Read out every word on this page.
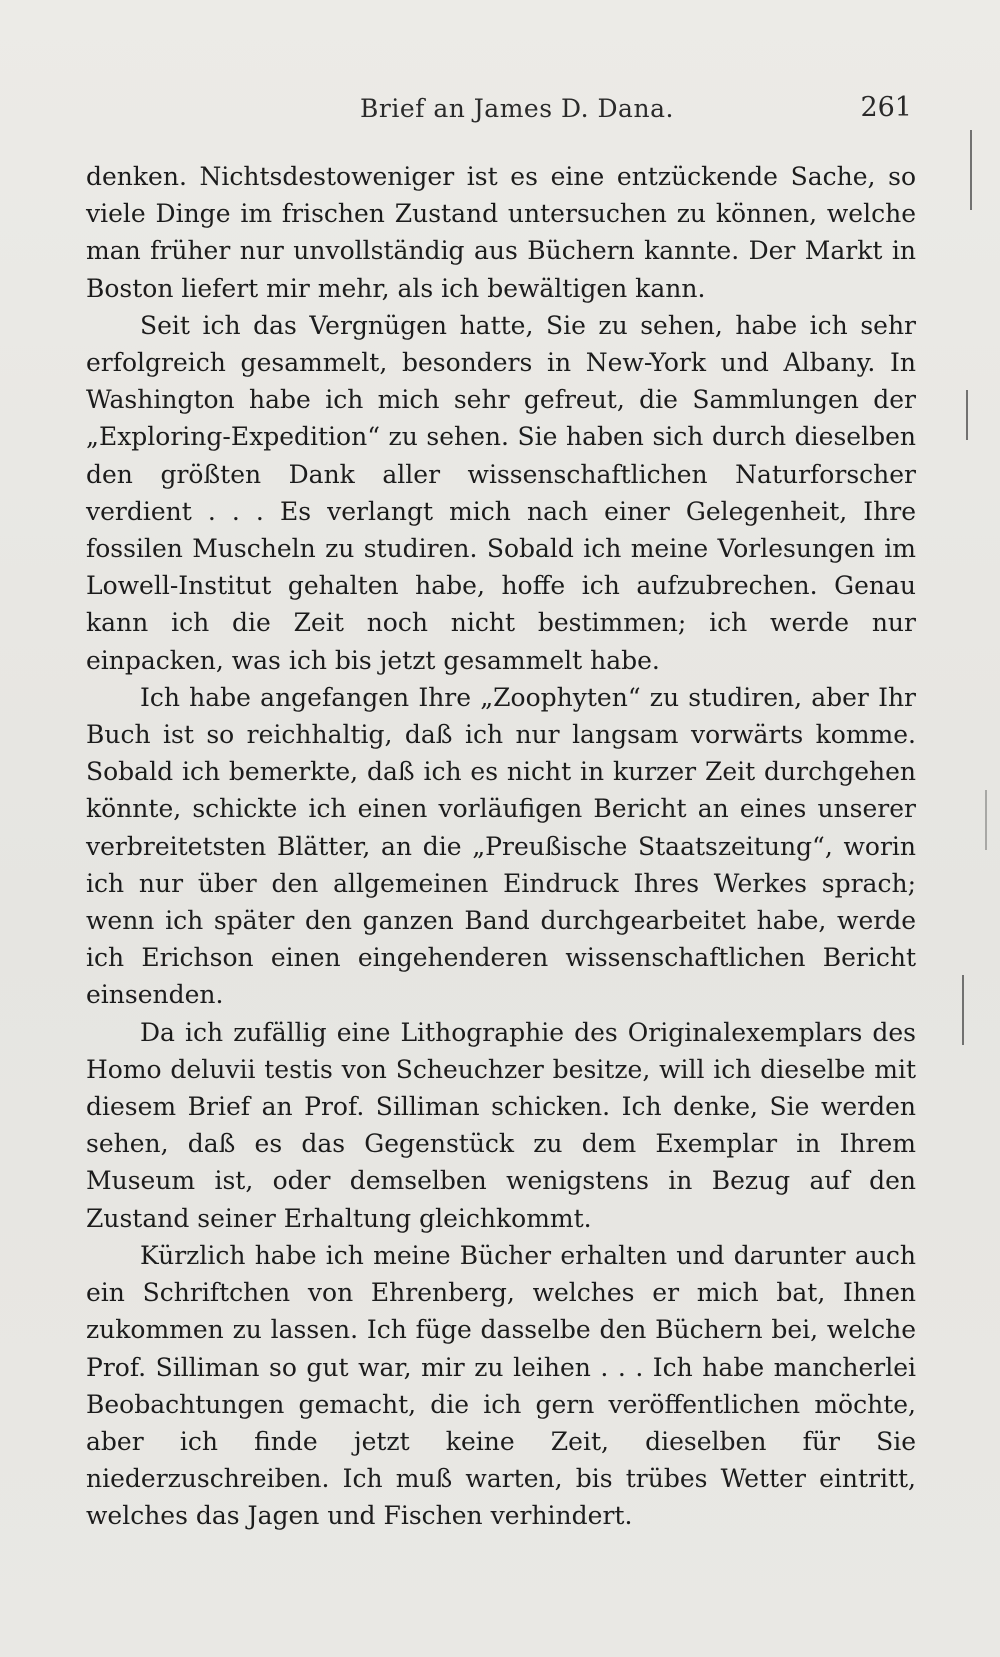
Brief an James D. Dana.	261

denken. Nichtsdestoweniger ist es eine entzückende Sache, so viele Dinge im frischen Zustand untersuchen zu können, welche man früher nur unvollständig aus Büchern kannte. Der Markt in Boston liefert mir mehr, als ich bewältigen kann.

Seit ich das Vergnügen hatte, Sie zu sehen, habe ich sehr erfolgreich gesammelt, besonders in New-York und Albany. In Washington habe ich mich sehr gefreut, die Sammlungen der „Exploring-Expedition“ zu sehen. Sie haben sich durch dieselben den größten Dank aller wissenschaftlichen Naturforscher verdient . . . Es verlangt mich nach einer Gelegenheit, Ihre fossilen Muscheln zu studiren. Sobald ich meine Vorlesungen im Lowell-Institut gehalten habe, hoffe ich aufzubrechen. Genau kann ich die Zeit noch nicht bestimmen; ich werde nur einpacken, was ich bis jetzt gesammelt habe.

Ich habe angefangen Ihre „Zoophyten“ zu studiren, aber Ihr Buch ist so reichhaltig, daß ich nur langsam vorwärts komme. Sobald ich bemerkte, daß ich es nicht in kurzer Zeit durchgehen könnte, schickte ich einen vorläufigen Bericht an eines unserer verbreitetsten Blätter, an die „Preußische Staatszeitung“, worin ich nur über den allgemeinen Eindruck Ihres Werkes sprach; wenn ich später den ganzen Band durchgearbeitet habe, werde ich Erichson einen eingehenderen wissenschaftlichen Bericht einsenden.

Da ich zufällig eine Lithographie des Originalexemplars des Homo deluvii testis von Scheuchzer besitze, will ich dieselbe mit diesem Brief an Prof. Silliman schicken. Ich denke, Sie werden sehen, daß es das Gegenstück zu dem Exemplar in Ihrem Museum ist, oder demselben wenigstens in Bezug auf den Zustand seiner Erhaltung gleichkommt.

Kürzlich habe ich meine Bücher erhalten und darunter auch ein Schriftchen von Ehrenberg, welches er mich bat, Ihnen zukommen zu lassen. Ich füge dasselbe den Büchern bei, welche Prof. Silliman so gut war, mir zu leihen . . . Ich habe mancherlei Beobachtungen gemacht, die ich gern veröffentlichen möchte, aber ich finde jetzt keine Zeit, dieselben für Sie niederzuschreiben. Ich muß warten, bis trübes Wetter eintritt, welches das Jagen und Fischen verhindert.
